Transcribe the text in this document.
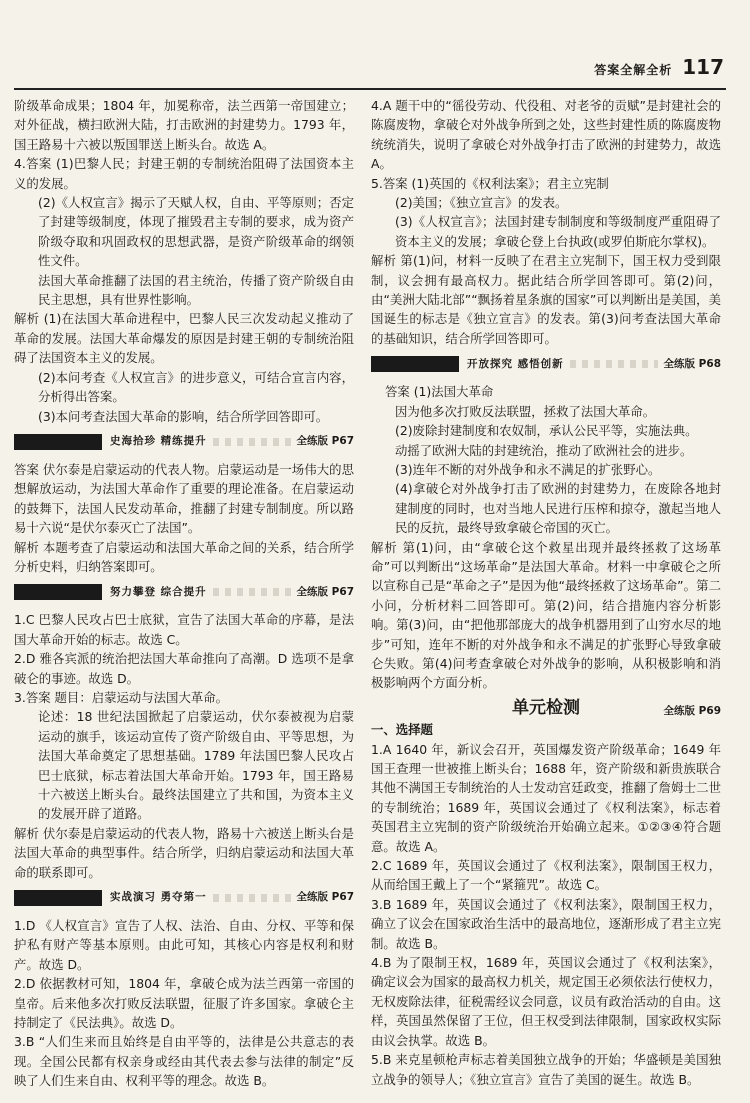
答案全解全析 117

阶级革命成果；1804 年，加冕称帝，法兰西第一帝国建立；对外征战，横扫欧洲大陆，打击欧洲的封建势力。1793 年，国王路易十六被以叛国罪送上断头台。故选 A。

4.答案 (1)巴黎人民；封建王朝的专制统治阻碍了法国资本主义的发展。

(2)《人权宣言》揭示了天赋人权，自由、平等原则；否定了封建等级制度，体现了摧毁君主专制的要求，成为资产阶级夺取和巩固政权的思想武器，是资产阶级革命的纲领性文件。

法国大革命推翻了法国的君主统治，传播了资产阶级自由民主思想，具有世界性影响。

解析 (1)在法国大革命进程中，巴黎人民三次发动起义推动了革命的发展。法国大革命爆发的原因是封建王朝的专制统治阻碍了法国资本主义的发展。

(2)本问考查《人权宣言》的进步意义，可结合宣言内容，分析得出答案。

(3)本问考查法国大革命的影响，结合所学回答即可。

史海拾珍 精练提升	全练版 P67

答案 伏尔泰是启蒙运动的代表人物。启蒙运动是一场伟大的思想解放运动，为法国大革命作了重要的理论准备。在启蒙运动的鼓舞下，法国人民发动革命，推翻了封建专制制度。所以路易十六说“是伏尔泰灭亡了法国”。

解析 本题考查了启蒙运动和法国大革命之间的关系，结合所学分析史料，归纳答案即可。

努力攀登 综合提升	全练版 P67

1.C 巴黎人民攻占巴士底狱，宣告了法国大革命的序幕，是法国大革命开始的标志。故选 C。

2.D 雅各宾派的统治把法国大革命推向了高潮。D 选项不是拿破仑的事迹。故选 D。

3.答案 题目：启蒙运动与法国大革命。

论述：18 世纪法国掀起了启蒙运动，伏尔泰被视为启蒙运动的旗手，该运动宣传了资产阶级自由、平等思想，为法国大革命奠定了思想基础。1789 年法国巴黎人民攻占巴士底狱，标志着法国大革命开始。1793 年，国王路易十六被送上断头台。最终法国建立了共和国，为资本主义的发展开辟了道路。

解析 伏尔泰是启蒙运动的代表人物，路易十六被送上断头台是法国大革命的典型事件。结合所学，归纳启蒙运动和法国大革命的联系即可。

实战演习 勇夺第一	全练版 P67

1.D 《人权宣言》宣告了人权、法治、自由、分权、平等和保护私有财产等基本原则。由此可知，其核心内容是权利和财产。故选 D。

2.D 依据教材可知，1804 年，拿破仑成为法兰西第一帝国的皇帝。后来他多次打败反法联盟，征服了许多国家。拿破仑主持制定了《民法典》。故选 D。

3.B “人们生来而且始终是自由平等的，法律是公共意志的表现。全国公民都有权亲身或经由其代表去参与法律的制定”反映了人们生来自由、权利平等的理念。故选 B。

4.A 题干中的“徭役劳动、代役租、对老爷的贡赋”是封建社会的陈腐废物，拿破仑对外战争所到之处，这些封建性质的陈腐废物统统消失，说明了拿破仑对外战争打击了欧洲的封建势力，故选 A。

5.答案 (1)英国的《权利法案》；君主立宪制

(2)美国；《独立宣言》的发表。

(3)《人权宣言》；法国封建专制制度和等级制度严重阻碍了资本主义的发展；拿破仑登上台执政(或罗伯斯庇尔掌权)。

解析 第(1)问，材料一反映了在君主立宪制下，国王权力受到限制，议会拥有最高权力。据此结合所学回答即可。第(2)问，由“美洲大陆北部”“飘扬着星条旗的国家”可以判断出是美国，美国诞生的标志是《独立宣言》的发表。第(3)问考查法国大革命的基础知识，结合所学回答即可。

开放探究 感悟创新	全练版 P68

答案 (1)法国大革命

因为他多次打败反法联盟，拯救了法国大革命。

(2)废除封建制度和农奴制，承认公民平等，实施法典。

动摇了欧洲大陆的封建统治，推动了欧洲社会的进步。

(3)连年不断的对外战争和永不满足的扩张野心。

(4)拿破仑对外战争打击了欧洲的封建势力，在废除各地封建制度的同时，也对当地人民进行压榨和掠夺，激起当地人民的反抗，最终导致拿破仑帝国的灭亡。

解析 第(1)问，由“拿破仑这个救星出现并最终拯救了这场革命”可以判断出“这场革命”是法国大革命。材料一中拿破仑之所以宣称自己是“革命之子”是因为他“最终拯救了这场革命”。第二小问，分析材料二回答即可。第(2)问，结合措施内容分析影响。第(3)问，由“把他那部庞大的战争机器用到了山穷水尽的地步”可知，连年不断的对外战争和永不满足的扩张野心导致拿破仑失败。第(4)问考查拿破仑对外战争的影响，从积极影响和消极影响两个方面分析。

单元检测	全练版 P69

一、选择题

1.A 1640 年，新议会召开，英国爆发资产阶级革命；1649 年国王查理一世被推上断头台；1688 年，资产阶级和新贵族联合其他不满国王专制统治的人士发动宫廷政变，推翻了詹姆士二世的专制统治；1689 年，英国议会通过了《权利法案》，标志着英国君主立宪制的资产阶级统治开始确立起来。①②③④符合题意。故选 A。

2.C 1689 年，英国议会通过了《权利法案》，限制国王权力，从而给国王戴上了一个“紧箍咒”。故选 C。

3.B 1689 年，英国议会通过了《权利法案》，限制国王权力，确立了议会在国家政治生活中的最高地位，逐渐形成了君主立宪制。故选 B。

4.B 为了限制王权，1689 年，英国议会通过了《权利法案》，确定议会为国家的最高权力机关，规定国王必须依法行使权力，无权废除法律，征税需经议会同意，议员有政治活动的自由。这样，英国虽然保留了王位，但王权受到法律限制，国家政权实际由议会执掌。故选 B。

5.B 来克星顿枪声标志着美国独立战争的开始；华盛顿是美国独立战争的领导人；《独立宣言》宣告了美国的诞生。故选 B。
